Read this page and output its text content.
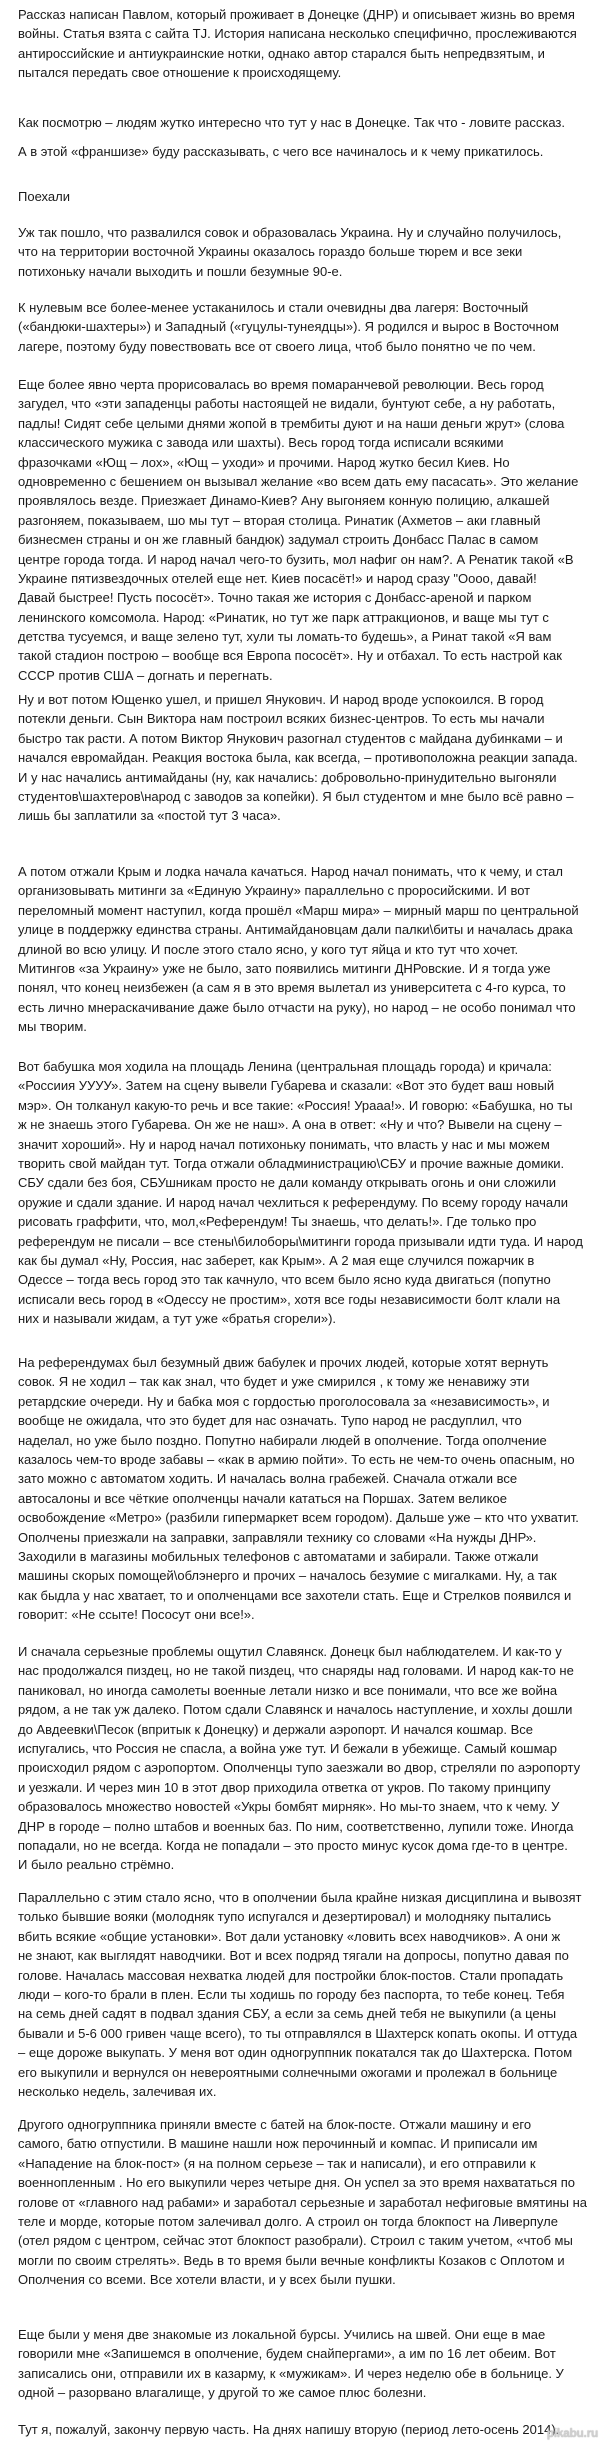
Рассказ написан Павлом, который проживает в Донецке (ДНР) и описывает жизнь во время
войны. Статья взята с сайта TJ. История написана несколько специфично, прослеживаются
антироссийские и антиукраинские нотки, однако автор старался быть непредвзятым, и
пытался передать свое отношение к происходящему.
Как посмотрю – людям жутко интересно что тут у нас в Донецке. Так что - ловите рассказ.
А в этой «франшизе» буду рассказывать, с чего все начиналось и к чему прикатилось.
Поехали
Уж так пошло, что развалился совок и образовалась Украина. Ну и случайно получилось,
что на территории восточной Украины оказалось гораздо больше тюрем и все зеки
потихоньку начали выходить и пошли безумные 90-е.
К нулевым все более-менее устаканилось и стали очевидны два лагеря: Восточный
(«бандюки-шахтеры») и Западный («гуцулы-тунеядцы»). Я родился и вырос в Восточном
лагере, поэтому буду повествовать все от своего лица, чтоб было понятно че по чем.
Еще более явно черта прорисовалась во время помаранчевой революции. Весь город
загудел, что «эти западенцы работы настоящей не видали, бунтуют себе, а ну работать,
падлы! Сидят себе целыми днями жопой в трембиты дуют и на наши деньги жрут» (слова
классического мужика с завода или шахты). Весь город тогда исписали всякими
фразочками «Ющ – лох», «Ющ – уходи» и прочими. Народ жутко бесил Киев. Но
одновременно с бешением он вызывал желание «во всем дать ему пасасать». Это желание
проявлялось везде. Приезжает Динамо-Киев? Ану выгоняем конную полицию, алкашей
разгоняем, показываем, шо мы тут – вторая столица. Ринатик (Ахметов – аки главный
бизнесмен страны и он же главный бандюк) задумал строить Донбасс Палас в самом
центре города тогда. И народ начал чего-то бузить, мол нафиг он нам?. А Ренатик такой «В
Украине пятизвездочных отелей еще нет. Киев посасёт!» и народ сразу "Оооо, давай!
Давай быстрее! Пусть пососёт». Точно такая же история с Донбасс-ареной и парком
ленинского комсомола. Народ: «Ринатик, но тут же парк аттракционов, и ваще мы тут с
детства тусуемся, и ваще зелено тут, хули ты ломать-то будешь», а Ринат такой «Я вам
такой стадион построю – вообще вся Европа пососёт». Ну и отбахал. То есть настрой как
СССР против США – догнать и перегнать.
Ну и вот потом Ющенко ушел, и пришел Янукович. И народ вроде успокоился. В город
потекли деньги. Сын Виктора нам построил всяких бизнес-центров. То есть мы начали
быстро так расти. А потом Виктор Янукович разогнал студентов с майдана дубинками – и
начался евромайдан. Реакция востока была, как всегда, – противоположна реакции запада.
И у нас начались антимайданы (ну, как начались: добровольно-принудительно выгоняли
студентов\шахтеров\народ с заводов за копейки). Я был студентом и мне было всё равно –
лишь бы заплатили за «постой тут 3 часа».
А потом отжали Крым и лодка начала качаться. Народ начал понимать, что к чему, и стал
организовывать митинги за «Единую Украину» параллельно с проросийскими. И вот
переломный момент наступил, когда прошёл «Марш мира» – мирный марш по центральной
улице в поддержку единства страны. Антимайдановцам дали палки\биты и началась драка
длиной во всю улицу. И после этого стало ясно, у кого тут яйца и кто тут что хочет.
Митингов «за Украину» уже не было, зато появились митинги ДНРовские. И я тогда уже
понял, что конец неизбежен (а сам я в это время вылетал из университета с 4-го курса, то
есть лично мнераскачивание даже было отчасти на руку), но народ – не особо понимал что
мы творим.
Вот бабушка моя ходила на площадь Ленина (центральная площадь города) и кричала:
«Россиия УУУУ». Затем на сцену вывели Губарева и сказали: «Вот это будет ваш новый
мэр». Он толканул какую-то речь и все такие: «Россия! Урааа!». И говорю: «Бабушка, но ты
ж не знаешь этого Губарева. Он же не наш». А она в ответ: «Ну и что? Вывели на сцену –
значит хороший». Ну и народ начал потихоньку понимать, что власть у нас и мы можем
творить свой майдан тут. Тогда отжали обладминистрацию\СБУ и прочие важные домики.
СБУ сдали без боя, СБУшникам просто не дали команду открывать огонь и они сложили
оружие и сдали здание. И народ начал чехлиться к референдуму. По всему городу начали
рисовать граффити, что, мол,«Референдум! Ты знаешь, что делать!». Где только про
референдум не писали – все стены\билоборы\митинги города призывали идти туда. И народ
как бы думал «Ну, Россия, нас заберет, как Крым». А 2 мая еще случился пожарчик в
Одессе – тогда весь город это так качнуло, что всем было ясно куда двигаться (попутно
исписали весь город в «Одессу не простим», хотя все годы независимости болт клали на
них и называли жидам, а тут уже «братья сгорели»).
На референдумах был безумный движ бабулек и прочих людей, которые хотят вернуть
совок. Я не ходил – так как знал, что будет и уже смирился , к тому же ненавижу эти
ретардские очереди. Ну и бабка моя с гордостью проголосовала за «независимость», и
вообще не ожидала, что это будет для нас означать. Тупо народ не расдуплил, что
наделал, но уже было поздно. Попутно набирали людей в ополчение. Тогда ополчение
казалось чем-то вроде забавы – «как в армию пойти». То есть не чем-то очень опасным, но
зато можно с автоматом ходить. И началась волна грабежей. Сначала отжали все
автосалоны и все чёткие ополченцы начали кататься на Поршах. Затем великое
освобождение «Метро» (разбили гипермаркет всем городом). Дальше уже – кто что ухватит.
Ополчены приезжали на заправки, заправляли технику со словами «На нужды ДНР».
Заходили в магазины мобильных телефонов с автоматами и забирали. Также отжали
машины скорых помощей\облэнерго и прочих – началось безумие с мигалками. Ну, а так
как быдла у нас хватает, то и ополченцами все захотели стать. Еще и Стрелков появился и
говорит: «Не ссыте! Пососут они все!».
И сначала серьезные проблемы ощутил Славянск. Донецк был наблюдателем. И как-то у
нас продолжался пиздец, но не такой пиздец, что снаряды над головами. И народ как-то не
паниковал, но иногда самолеты военные летали низко и все понимали, что все же война
рядом, а не так уж далеко. Потом сдали Славянск и началось наступление, и хохлы дошли
до Авдеевки\Песок (впритык к Донецку) и держали аэропорт. И начался кошмар. Все
испугались, что Россия не спасла, а война уже тут. И бежали в убежище. Самый кошмар
происходил рядом с аэропортом. Ополченцы тупо заезжали во двор, стреляли по аэропорту
и уезжали. И через мин 10 в этот двор приходила ответка от укров. По такому принципу
образовалось множество новостей «Укры бомбят мирняк». Но мы-то знаем, что к чему. У
ДНР в городе – полно штабов и военных баз. По ним, соответственно, лупили тоже. Иногда
попадали, но не всегда. Когда не попадали – это просто минус кусок дома где-то в центре.
И было реально стрёмно.
Параллельно с этим стало ясно, что в ополчении была крайне низкая дисциплина и вывозят
только бывшие вояки (молодняк тупо испугался и дезертировал) и молодняку пытались
вбить всякие «общие установки». Вот дали установку «ловить всех наводчиков». А они ж
не знают, как выглядят наводчики. Вот и всех подряд тягали на допросы, попутно давая по
голове. Началась массовая нехватка людей для постройки блок-постов. Стали пропадать
люди – кого-то брали в плен. Если ты ходишь по городу без паспорта, то тебе конец. Тебя
на семь дней садят в подвал здания СБУ, а если за семь дней тебя не выкупили (а цены
бывали и 5-6 000 гривен чаще всего), то ты отправлялся в Шахтерск копать окопы. И оттуда
– еще дороже выкупать. У меня вот один одногруппник покатался так до Шахтерска. Потом
его выкупили и вернулся он невероятными солнечными ожогами и пролежал в больнице
несколько недель, залечивая их.
Другого одногруппника приняли вместе с батей на блок-посте. Отжали машину и его
самого, батю отпустили. В машине нашли нож перочинный и компас. И приписали им
«Нападение на блок-пост» (я на полном серьезе – так и написали), и его отправили к
военнопленным . Но его выкупили через четыре дня. Он успел за это время нахвататься по
голове от «главного над рабами» и заработал серьезные и заработал нефиговые вмятины на
теле и морде, которые потом залечивал долго. А строил он тогда блокпост на Ливерпуле
(отел рядом с центром, сейчас этот блокпост разобрали). Строил с таким учетом, «чтоб мы
могли по своим стрелять». Ведь в то время были вечные конфликты Козаков с Оплотом и
Ополчения со всеми. Все хотели власти, и у всех были пушки.
Еще были у меня две знакомые из локальной бурсы. Учились на швей. Они еще в мае
говорили мне «Запишемся в ополчение, будем снайпергами», а им по 16 лет обеим. Вот
записались они, отправили их в казарму, к «мужикам». И через неделю обе в больнице. У
одной – разорвано влагалище, у другой то же самое плюс болезни.
Тут я, пожалуй, закончу первую часть. На днях напишу вторую (период лето-осень 2014).
pikabu.ru
